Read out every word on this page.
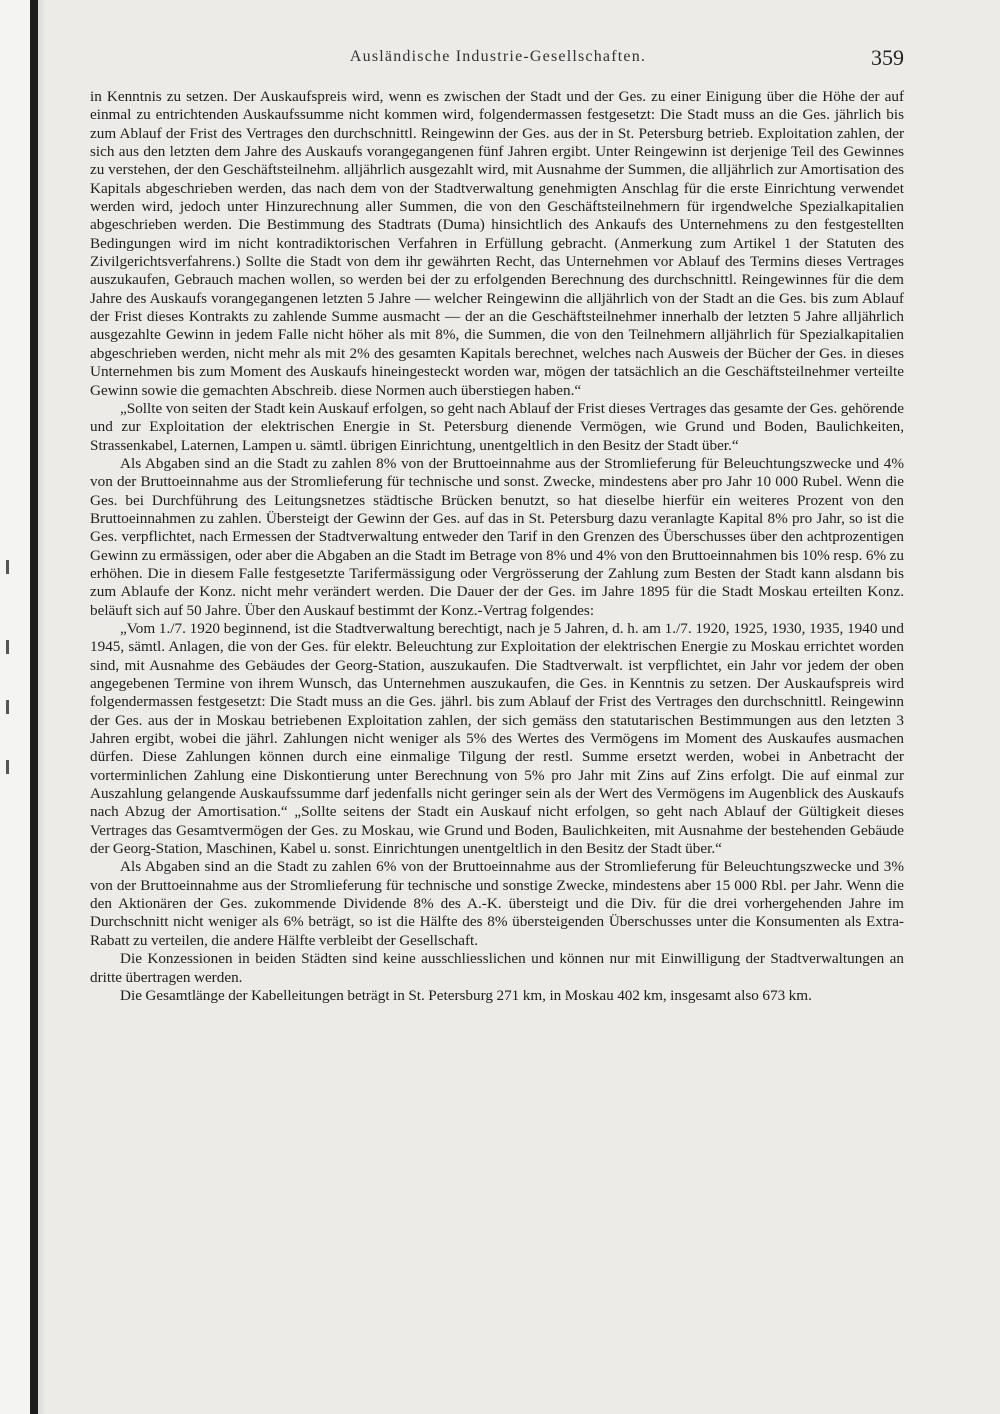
Ausländische Industrie-Gesellschaften.	359

in Kenntnis zu setzen. Der Auskaufspreis wird, wenn es zwischen der Stadt und der Ges. zu einer Einigung über die Höhe der auf einmal zu entrichtenden Auskaufssumme nicht kommen wird, folgendermassen festgesetzt: Die Stadt muss an die Ges. jährlich bis zum Ablauf der Frist des Vertrages den durchschnittl. Reingewinn der Ges. aus der in St. Petersburg betrieb. Exploitation zahlen, der sich aus den letzten dem Jahre des Auskaufs vorangegangenen fünf Jahren ergibt. Unter Reingewinn ist derjenige Teil des Gewinnes zu verstehen, der den Geschäftsteilnehm. alljährlich ausgezahlt wird, mit Ausnahme der Summen, die alljährlich zur Amortisation des Kapitals abgeschrieben werden, das nach dem von der Stadtverwaltung genehmigten Anschlag für die erste Einrichtung verwendet werden wird, jedoch unter Hinzurechnung aller Summen, die von den Geschäftsteilnehmern für irgendwelche Spezialkapitalien abgeschrieben werden. Die Bestimmung des Stadtrats (Duma) hinsichtlich des Ankaufs des Unternehmens zu den festgestellten Bedingungen wird im nicht kontradiktorischen Verfahren in Erfüllung gebracht. (Anmerkung zum Artikel 1 der Statuten des Zivilgerichtsverfahrens.) Sollte die Stadt von dem ihr gewährten Recht, das Unternehmen vor Ablauf des Termins dieses Vertrages auszukaufen, Gebrauch machen wollen, so werden bei der zu erfolgenden Berechnung des durchschnittl. Reingewinnes für die dem Jahre des Auskaufs vorangegangenen letzten 5 Jahre — welcher Reingewinn die alljährlich von der Stadt an die Ges. bis zum Ablauf der Frist dieses Kontrakts zu zahlende Summe ausmacht — der an die Geschäftsteilnehmer innerhalb der letzten 5 Jahre alljährlich ausgezahlte Gewinn in jedem Falle nicht höher als mit 8%, die Summen, die von den Teilnehmern alljährlich für Spezialkapitalien abgeschrieben werden, nicht mehr als mit 2% des gesamten Kapitals berechnet, welches nach Ausweis der Bücher der Ges. in dieses Unternehmen bis zum Moment des Auskaufs hineingesteckt worden war, mögen der tatsächlich an die Geschäftsteilnehmer verteilte Gewinn sowie die gemachten Abschreib. diese Normen auch überstiegen haben.“

„Sollte von seiten der Stadt kein Auskauf erfolgen, so geht nach Ablauf der Frist dieses Vertrages das gesamte der Ges. gehörende und zur Exploitation der elektrischen Energie in St. Petersburg dienende Vermögen, wie Grund und Boden, Baulichkeiten, Strassenkabel, Laternen, Lampen u. sämtl. übrigen Einrichtung, unentgeltlich in den Besitz der Stadt über.“

Als Abgaben sind an die Stadt zu zahlen 8% von der Bruttoeinnahme aus der Stromlieferung für Beleuchtungszwecke und 4% von der Bruttoeinnahme aus der Stromlieferung für technische und sonst. Zwecke, mindestens aber pro Jahr 10 000 Rubel. Wenn die Ges. bei Durchführung des Leitungsnetzes städtische Brücken benutzt, so hat dieselbe hierfür ein weiteres Prozent von den Bruttoeinnahmen zu zahlen. Übersteigt der Gewinn der Ges. auf das in St. Petersburg dazu veranlagte Kapital 8% pro Jahr, so ist die Ges. verpflichtet, nach Ermessen der Stadtverwaltung entweder den Tarif in den Grenzen des Überschusses über den achtprozentigen Gewinn zu ermässigen, oder aber die Abgaben an die Stadt im Betrage von 8% und 4% von den Bruttoeinnahmen bis 10% resp. 6% zu erhöhen. Die in diesem Falle festgesetzte Tarifermässigung oder Vergrösserung der Zahlung zum Besten der Stadt kann alsdann bis zum Ablaufe der Konz. nicht mehr verändert werden. Die Dauer der der Ges. im Jahre 1895 für die Stadt Moskau erteilten Konz. beläuft sich auf 50 Jahre. Über den Auskauf bestimmt der Konz.-Vertrag folgendes:

„Vom 1./7. 1920 beginnend, ist die Stadtverwaltung berechtigt, nach je 5 Jahren, d. h. am 1./7. 1920, 1925, 1930, 1935, 1940 und 1945, sämtl. Anlagen, die von der Ges. für elektr. Beleuchtung zur Exploitation der elektrischen Energie zu Moskau errichtet worden sind, mit Ausnahme des Gebäudes der Georg-Station, auszukaufen. Die Stadtverwalt. ist verpflichtet, ein Jahr vor jedem der oben angegebenen Termine von ihrem Wunsch, das Unternehmen auszukaufen, die Ges. in Kenntnis zu setzen. Der Auskaufspreis wird folgendermassen festgesetzt: Die Stadt muss an die Ges. jährl. bis zum Ablauf der Frist des Vertrages den durchschnittl. Reingewinn der Ges. aus der in Moskau betriebenen Exploitation zahlen, der sich gemäss den statutarischen Bestimmungen aus den letzten 3 Jahren ergibt, wobei die jährl. Zahlungen nicht weniger als 5% des Wertes des Vermögens im Moment des Auskaufes ausmachen dürfen. Diese Zahlungen können durch eine einmalige Tilgung der restl. Summe ersetzt werden, wobei in Anbetracht der vorterminlichen Zahlung eine Diskontierung unter Berechnung von 5% pro Jahr mit Zins auf Zins erfolgt. Die auf einmal zur Auszahlung gelangende Auskaufssumme darf jedenfalls nicht geringer sein als der Wert des Vermögens im Augenblick des Auskaufs nach Abzug der Amortisation.“ „Sollte seitens der Stadt ein Auskauf nicht erfolgen, so geht nach Ablauf der Gültigkeit dieses Vertrages das Gesamtvermögen der Ges. zu Moskau, wie Grund und Boden, Baulichkeiten, mit Ausnahme der bestehenden Gebäude der Georg-Station, Maschinen, Kabel u. sonst. Einrichtungen unentgeltlich in den Besitz der Stadt über.“

Als Abgaben sind an die Stadt zu zahlen 6% von der Bruttoeinnahme aus der Stromlieferung für Beleuchtungszwecke und 3% von der Bruttoeinnahme aus der Stromlieferung für technische und sonstige Zwecke, mindestens aber 15 000 Rbl. per Jahr. Wenn die den Aktionären der Ges. zukommende Dividende 8% des A.-K. übersteigt und die Div. für die drei vorhergehenden Jahre im Durchschnitt nicht weniger als 6% beträgt, so ist die Hälfte des 8% übersteigenden Überschusses unter die Konsumenten als Extra-Rabatt zu verteilen, die andere Hälfte verbleibt der Gesellschaft.

Die Konzessionen in beiden Städten sind keine ausschliesslichen und können nur mit Einwilligung der Stadtverwaltungen an dritte übertragen werden.

Die Gesamtlänge der Kabelleitungen beträgt in St. Petersburg 271 km, in Moskau 402 km, insgesamt also 673 km.
